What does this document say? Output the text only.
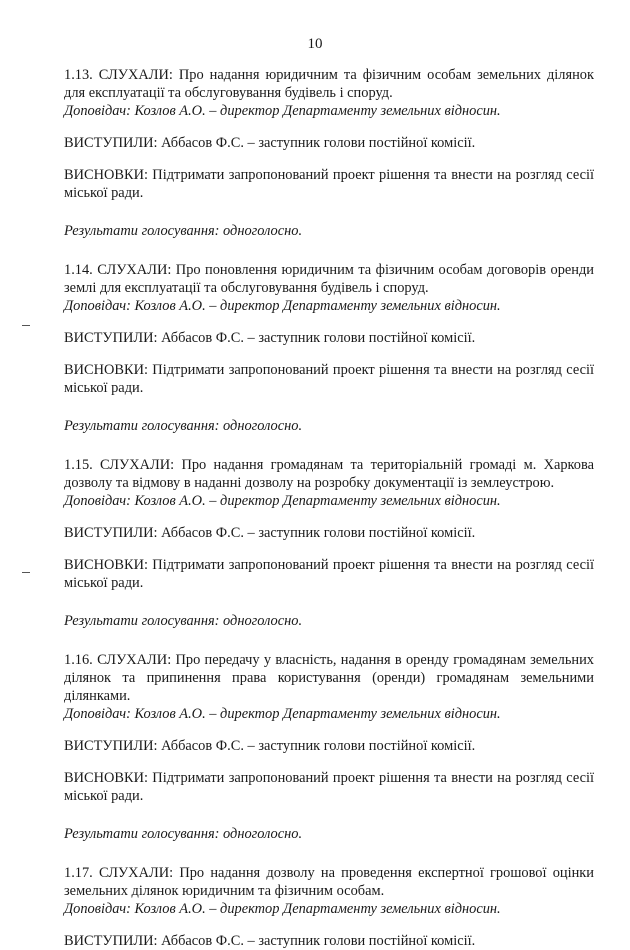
10

1.13. СЛУХАЛИ: Про надання юридичним та фізичним особам земельних ділянок для експлуатації та обслуговування будівель і споруд.

Доповідач: Козлов А.О. – директор Департаменту земельних відносин.

ВИСТУПИЛИ: Аббасов Ф.С. – заступник голови постійної комісії.

ВИСНОВКИ: Підтримати запропонований проект рішення та внести на розгляд сесії міської ради.

Результати голосування: одноголосно.

1.14. СЛУХАЛИ: Про поновлення юридичним та фізичним особам договорів оренди землі для експлуатації та обслуговування будівель і споруд.

Доповідач: Козлов А.О. – директор Департаменту земельних відносин.

ВИСТУПИЛИ: Аббасов Ф.С. – заступник голови постійної комісії.

ВИСНОВКИ: Підтримати запропонований проект рішення та внести на розгляд сесії міської ради.

Результати голосування: одноголосно.

1.15. СЛУХАЛИ: Про надання громадянам та територіальній громаді м. Харкова дозволу та відмову в наданні дозволу на розробку документації із землеустрою.

Доповідач: Козлов А.О. – директор Департаменту земельних відносин.

ВИСТУПИЛИ: Аббасов Ф.С. – заступник голови постійної комісії.

ВИСНОВКИ: Підтримати запропонований проект рішення та внести на розгляд сесії міської ради.

Результати голосування: одноголосно.

1.16. СЛУХАЛИ: Про передачу у власність, надання в оренду громадянам земельних ділянок та припинення права користування (оренди) громадянам земельними ділянками.

Доповідач: Козлов А.О. – директор Департаменту земельних відносин.

ВИСТУПИЛИ: Аббасов Ф.С. – заступник голови постійної комісії.

ВИСНОВКИ: Підтримати запропонований проект рішення та внести на розгляд сесії міської ради.

Результати голосування: одноголосно.

1.17. СЛУХАЛИ: Про надання дозволу на проведення експертної грошової оцінки земельних ділянок юридичним та фізичним особам.

Доповідач: Козлов А.О. – директор Департаменту земельних відносин.

ВИСТУПИЛИ: Аббасов Ф.С. – заступник голови постійної комісії.
